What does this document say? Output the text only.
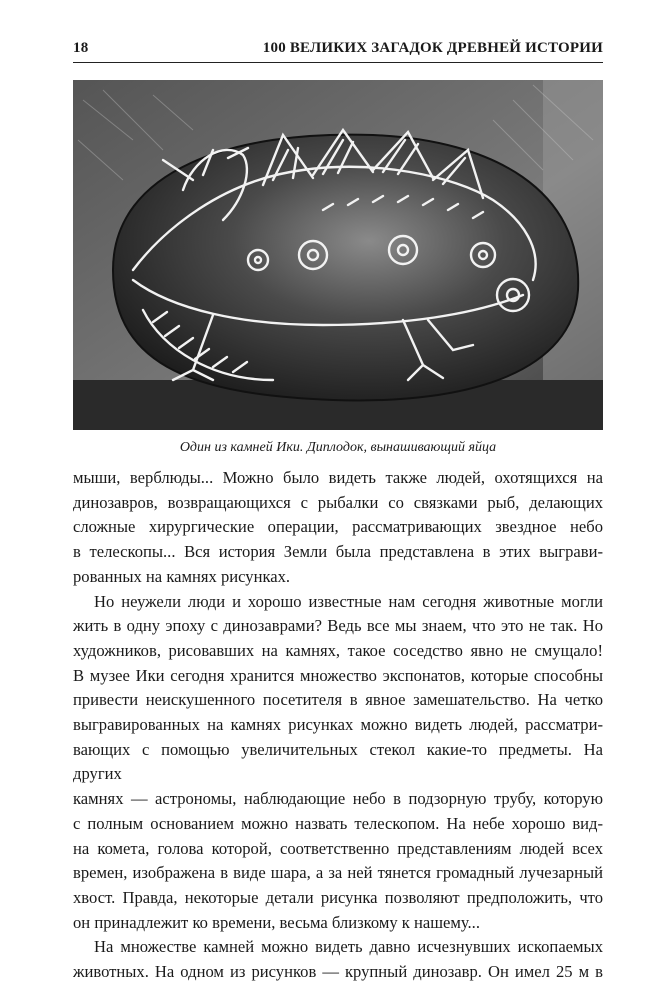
18	100 ВЕЛИКИХ ЗАГАДОК ДРЕВНЕЙ ИСТОРИИ
Один из камней Ики. Диплодок, вынашивающий яйца

мыши, верблюды... Можно было видеть также людей, охотящихся на

динозавров, возвращающихся с рыбалки со связками рыб, делающих

сложные хирургические операции, рассматривающих звездное небо

в телескопы... Вся история Земли была представлена в этих выграви-

рованных на камнях рисунках.

Но неужели люди и хорошо известные нам сегодня животные могли

жить в одну эпоху с динозаврами? Ведь все мы знаем, что это не так. Но

художников, рисовавших на камнях, такое соседство явно не смущало!

В музее Ики сегодня хранится множество экспонатов, которые способны

привести неискушенного посетителя в явное замешательство. На четко

выгравированных на камнях рисунках можно видеть людей, рассматри-

вающих с помощью увеличительных стекол какие-то предметы. На других

камнях — астрономы, наблюдающие небо в подзорную трубу, которую

с полным основанием можно назвать телескопом. На небе хорошо вид-

на комета, голова которой, соответственно представлениям людей всех

времен, изображена в виде шара, а за ней тянется громадный лучезарный

хвост. Правда, некоторые детали рисунка позволяют предположить, что

он принадлежит ко времени, весьма близкому к нашему...

На множестве камней можно видеть давно исчезнувших ископаемых

животных. На одном из рисунков — крупный динозавр. Он имел 25 м в
